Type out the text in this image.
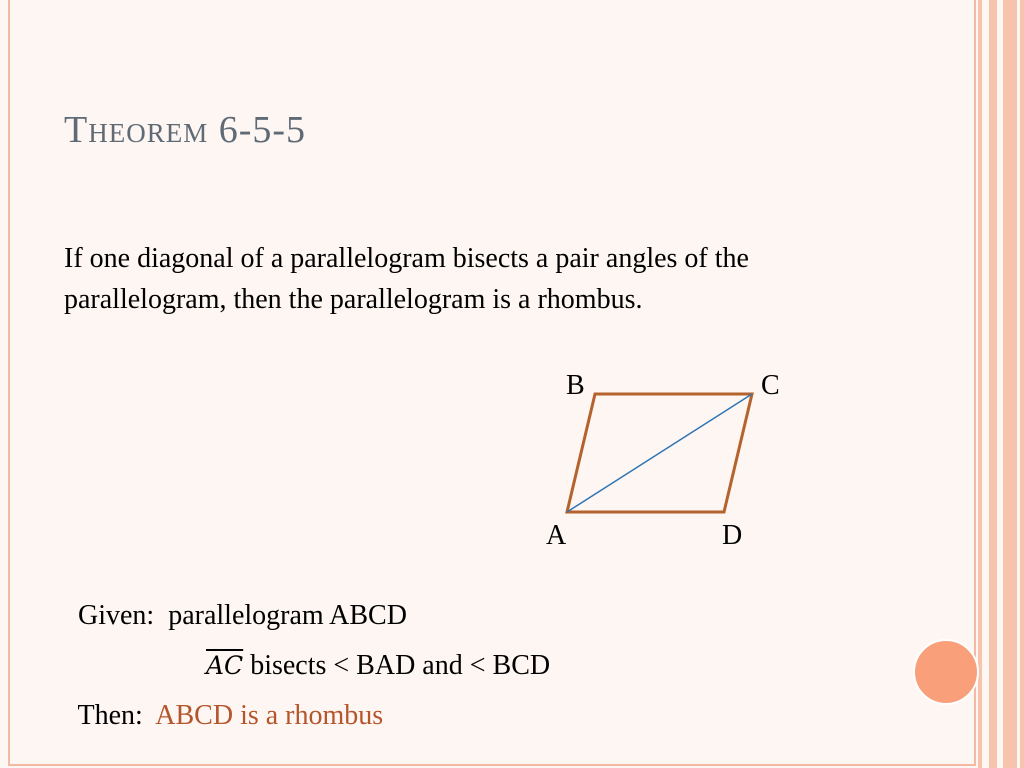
Theorem 6-5-5

If one diagonal of a parallelogram bisects a pair angles of the parallelogram, then the parallelogram is a rhombus.

B	C
A	D

Given: parallelogram ABCD

$\overline{AC}$ bisects < BAD and < BCD

Then: ABCD is a rhombus
